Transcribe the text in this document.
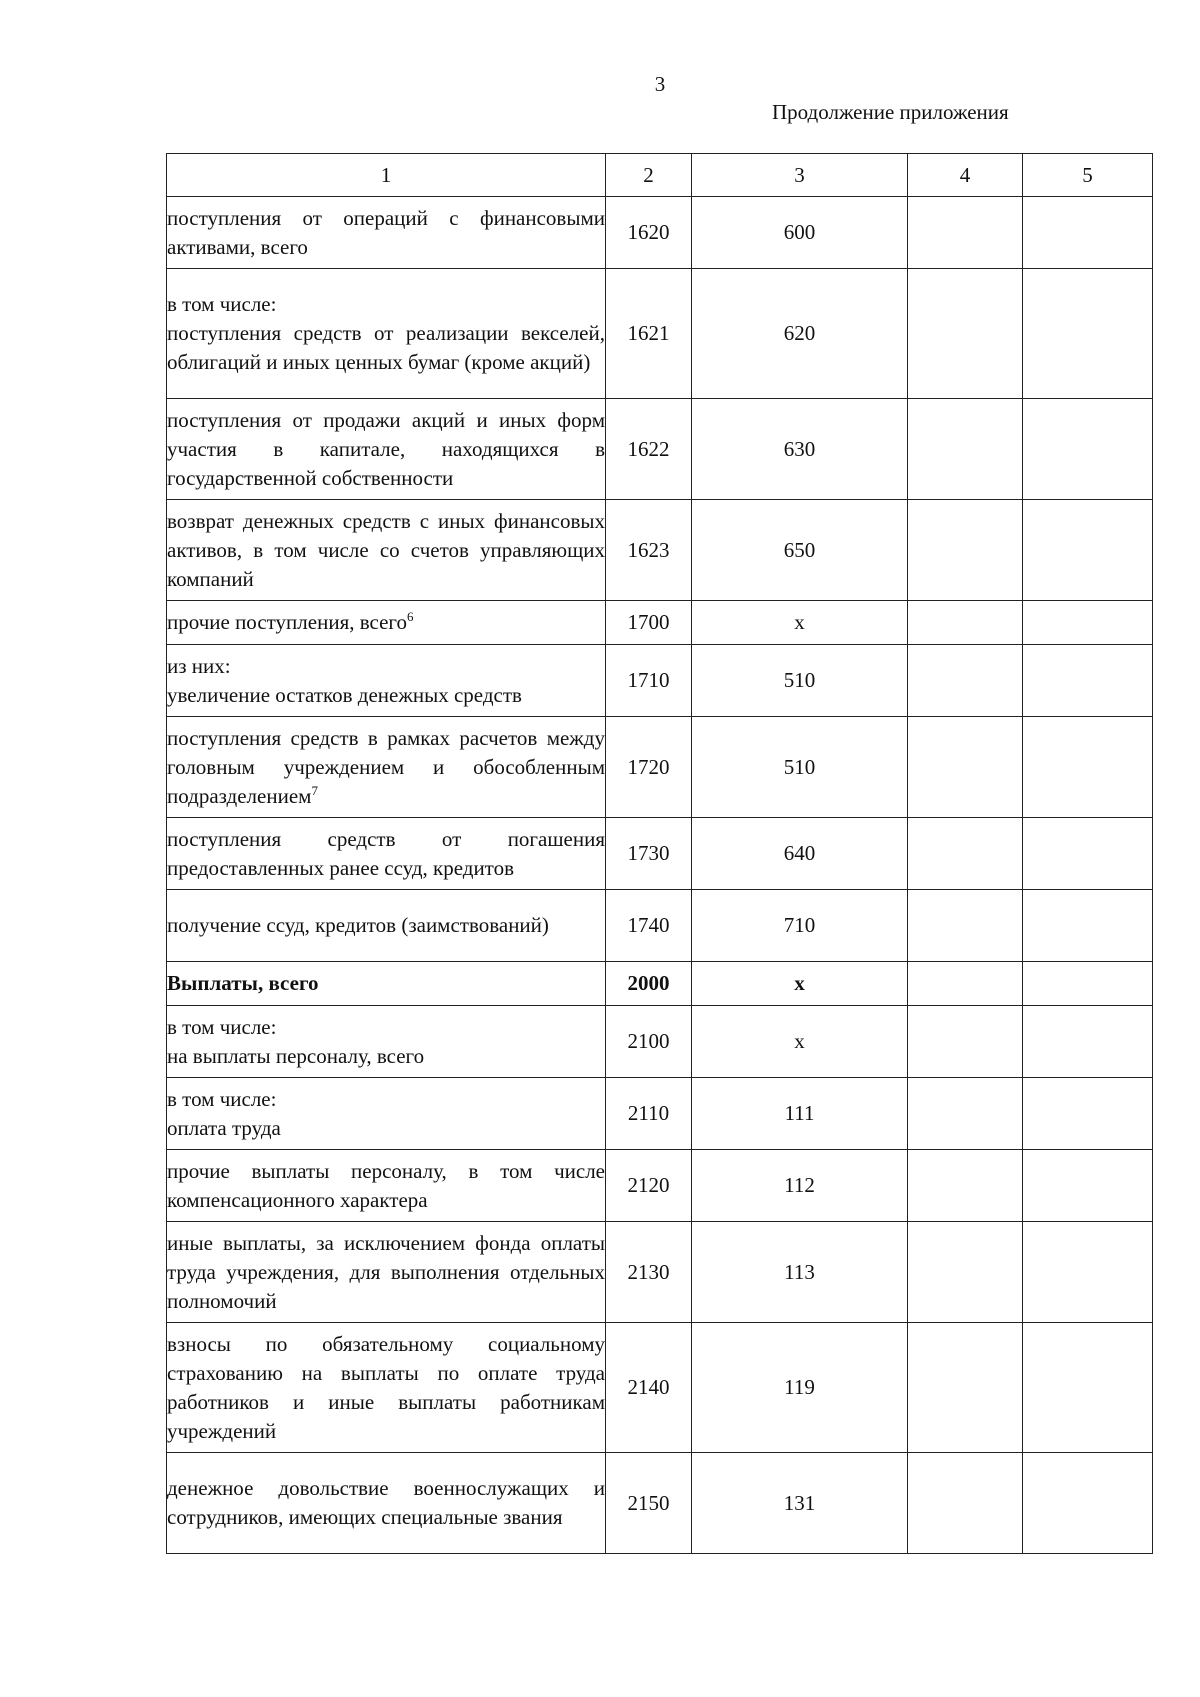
3
Продолжение приложения
1	2	3	4	5
поступления от операций с финансовыми активами, всего	1620	600		
в том числе:
поступления средств от реализации векселей, облигаций и иных ценных бумаг (кроме акций)	1621	620		
поступления от продажи акций и иных форм участия в капитале, находящихся в государственной собственности	1622	630		
возврат денежных средств с иных финансовых активов, в том числе со счетов управляющих компаний	1623	650		
прочие поступления, всего$^6$	1700	х		
из них:
увеличение остатков денежных средств	1710	510		
поступления средств в рамках расчетов между головным учреждением и обособленным подразделением$^7$	1720	510		
поступления средств от погашения предоставленных ранее ссуд, кредитов	1730	640		
получение ссуд, кредитов (заимствований)	1740	710		
Выплаты, всего	2000	х		
в том числе:
на выплаты персоналу, всего	2100	х		
в том числе:
оплата труда	2110	111		
прочие выплаты персоналу, в том числе компенсационного характера	2120	112		
иные выплаты, за исключением фонда оплаты труда учреждения, для выполнения отдельных полномочий	2130	113		
взносы по обязательному социальному страхованию на выплаты по оплате труда работников и иные выплаты работникам учреждений	2140	119		
денежное довольствие военнослужащих и сотрудников, имеющих специальные звания	2150	131		
